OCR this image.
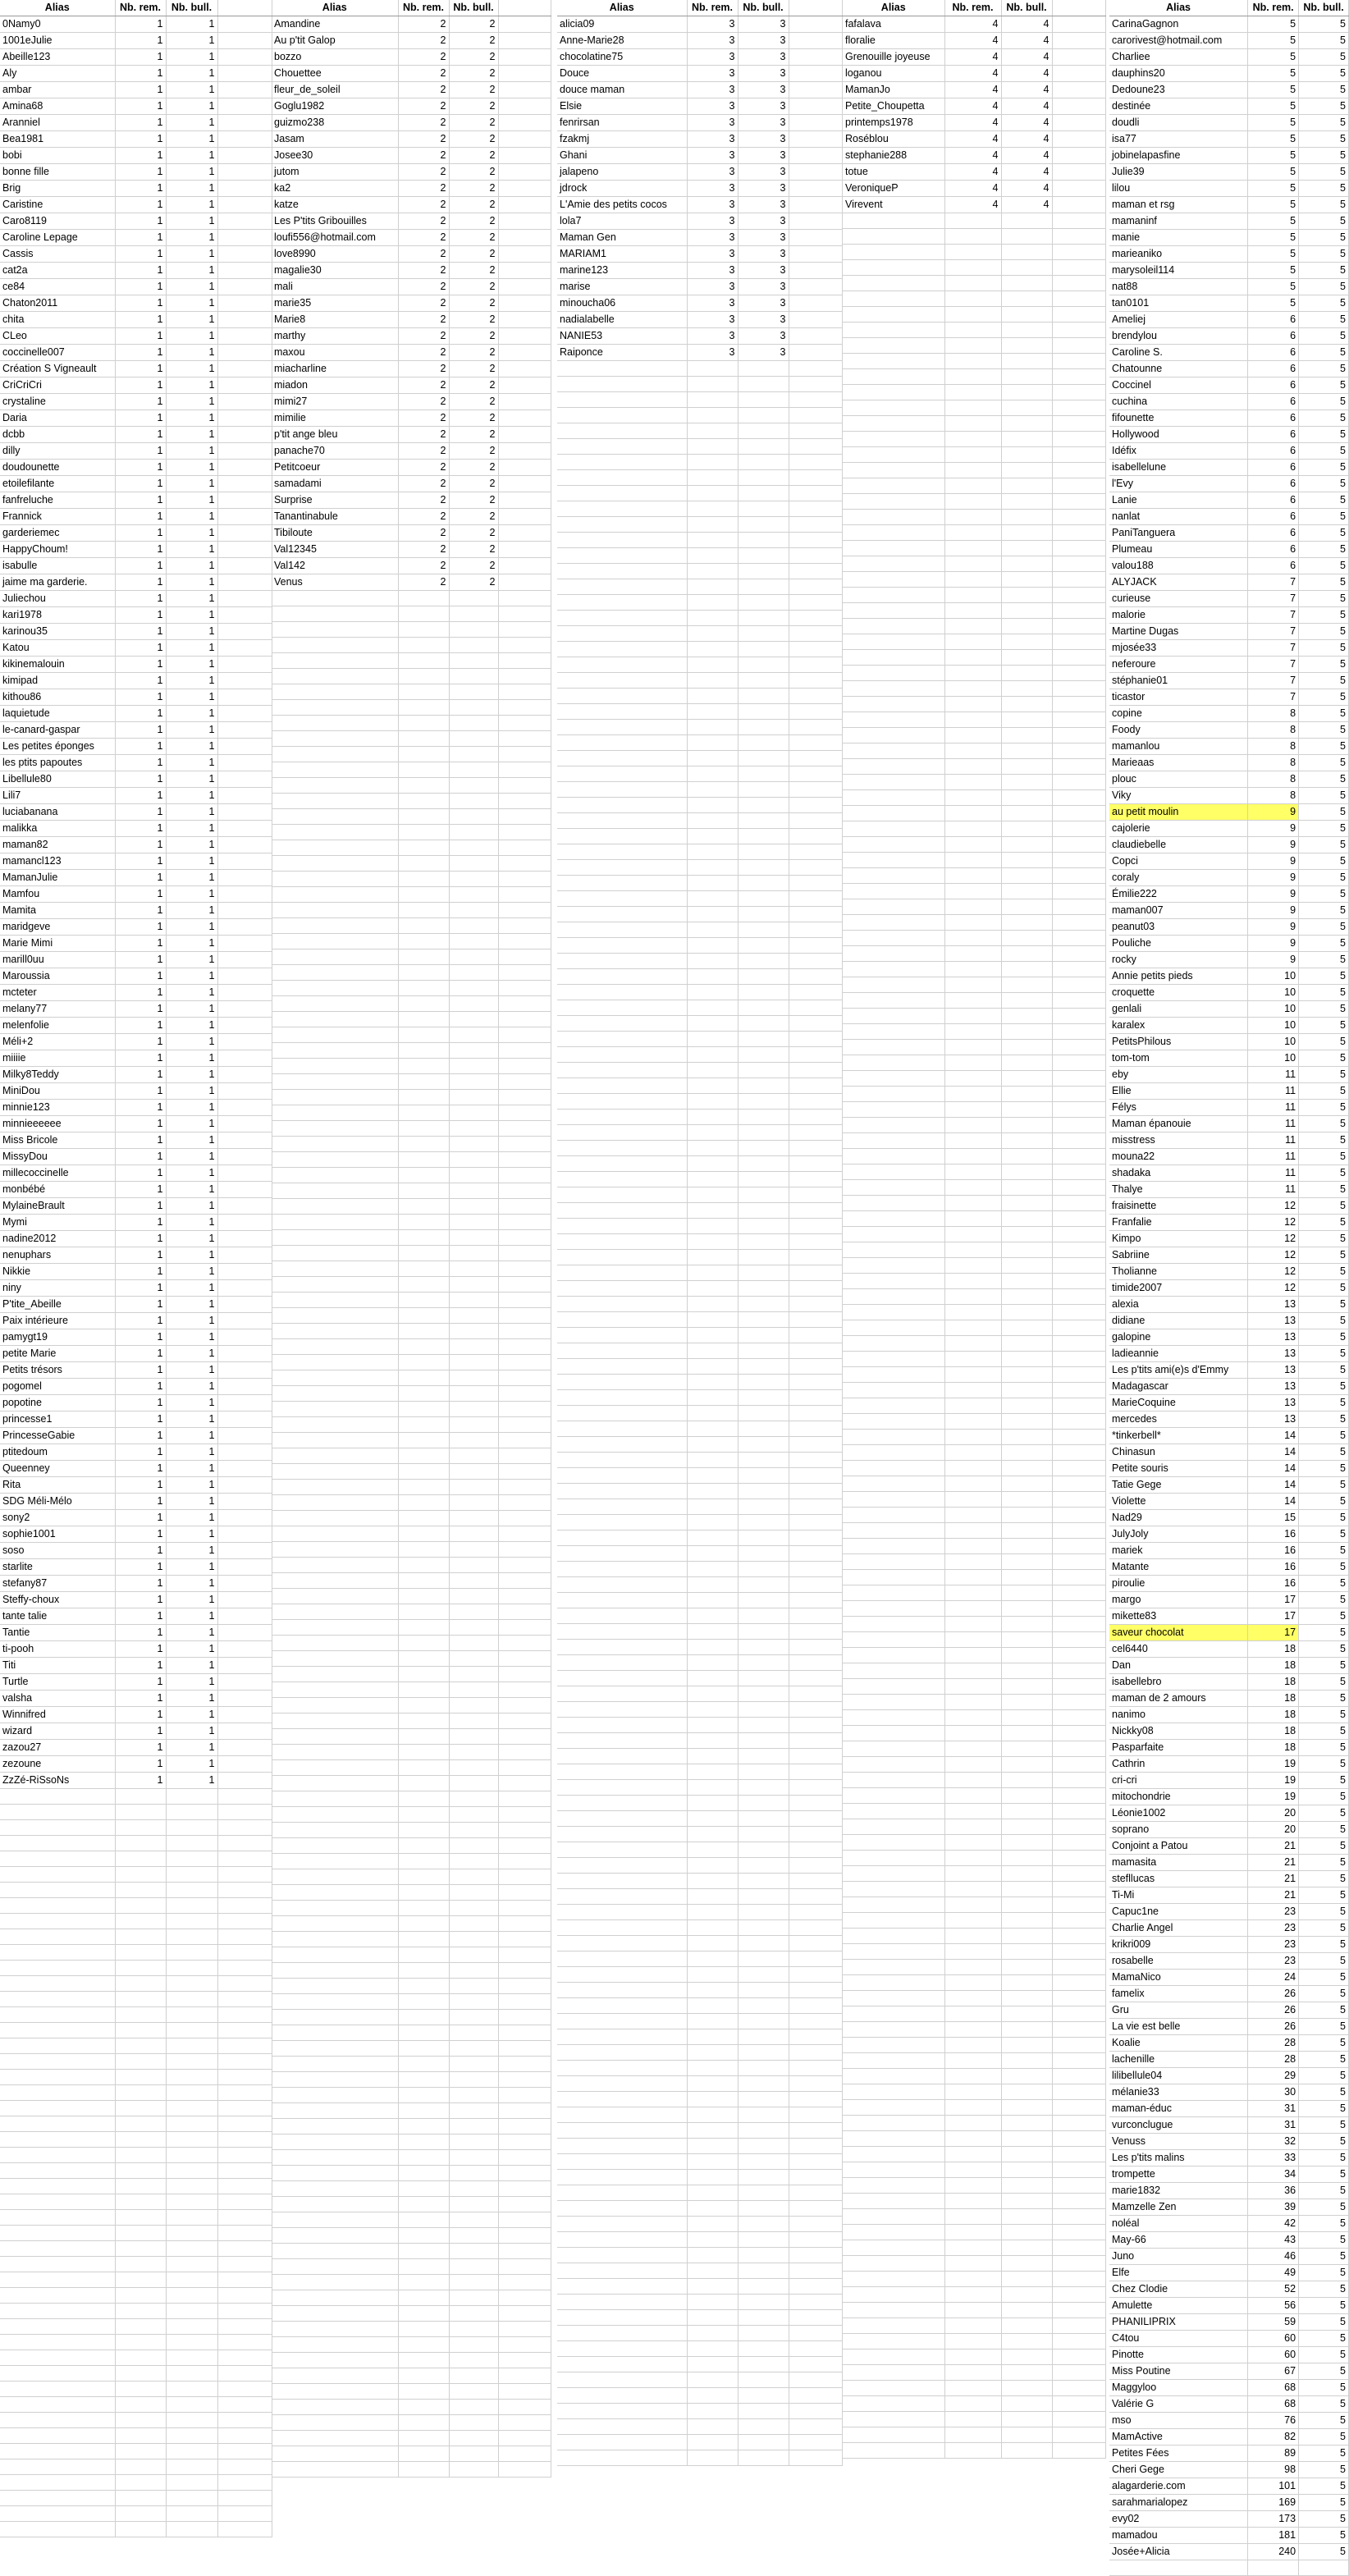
Alias	Nb. rem.	Nb. bull.	
0Namy0	1	1	
1001eJulie	1	1	
Abeille123	1	1	
Aly	1	1	
ambar	1	1	
Amina68	1	1	
Aranniel	1	1	
Bea1981	1	1	
bobi	1	1	
bonne fille	1	1	
Brig	1	1	
Caristine	1	1	
Caro8119	1	1	
Caroline Lepage	1	1	
Cassis	1	1	
cat2a	1	1	
ce84	1	1	
Chaton2011	1	1	
chita	1	1	
CLeo	1	1	
coccinelle007	1	1	
Création S Vigneault	1	1	
CriCriCri	1	1	
crystaline	1	1	
Daria	1	1	
dcbb	1	1	
dilly	1	1	
doudounette	1	1	
etoilefilante	1	1	
fanfreluche	1	1	
Frannick	1	1	
garderiemec	1	1	
HappyChoum!	1	1	
isabulle	1	1	
jaime ma garderie.	1	1	
Juliechou	1	1	
kari1978	1	1	
karinou35	1	1	
Katou	1	1	
kikinemalouin	1	1	
kimipad	1	1	
kithou86	1	1	
laquietude	1	1	
le-canard-gaspar	1	1	
Les petites éponges	1	1	
les ptits papoutes	1	1	
Libellule80	1	1	
Lili7	1	1	
luciabanana	1	1	
malikka	1	1	
maman82	1	1	
mamancl123	1	1	
MamanJulie	1	1	
Mamfou	1	1	
Mamita	1	1	
maridgeve	1	1	
Marie Mimi	1	1	
marill0uu	1	1	
Maroussia	1	1	
mcteter	1	1	
melany77	1	1	
melenfolie	1	1	
Méli+2	1	1	
miiiie	1	1	
Milky8Teddy	1	1	
MiniDou	1	1	
minnie123	1	1	
minnieeeeee	1	1	
Miss Bricole	1	1	
MissyDou	1	1	
millecoccinelle	1	1	
monbébé	1	1	
MylaineBrault	1	1	
Mymi	1	1	
nadine2012	1	1	
nenuphars	1	1	
Nikkie	1	1	
niny	1	1	
P'tite_Abeille	1	1	
Paix intérieure	1	1	
pamygt19	1	1	
petite Marie	1	1	
Petits trésors	1	1	
pogomel	1	1	
popotine	1	1	
princesse1	1	1	
PrincesseGabie	1	1	
ptitedoum	1	1	
Queenney	1	1	
Rita	1	1	
SDG Méli-Mélo	1	1	
sony2	1	1	
sophie1001	1	1	
soso	1	1	
starlite	1	1	
stefany87	1	1	
Steffy-choux	1	1	
tante talie	1	1	
Tantie	1	1	
ti-pooh	1	1	
Titi	1	1	
Turtle	1	1	
valsha	1	1	
Winnifred	1	1	
wizard	1	1	
zazou27	1	1	
zezoune	1	1	
ZzZé-RiSsoNs	1	1	

Alias	Nb. rem.	Nb. bull.	
Amandine	2	2	
Au p'tit Galop	2	2	
bozzo	2	2	
Chouettee	2	2	
fleur_de_soleil	2	2	
Goglu1982	2	2	
guizmo238	2	2	
Jasam	2	2	
Josee30	2	2	
jutom	2	2	
ka2	2	2	
katze	2	2	
Les P'tits Gribouilles	2	2	
loufi556@hotmail.com	2	2	
love8990	2	2	
magalie30	2	2	
mali	2	2	
marie35	2	2	
Marie8	2	2	
marthy	2	2	
maxou	2	2	
miacharline	2	2	
miadon	2	2	
mimi27	2	2	
mimilie	2	2	
p'tit ange bleu	2	2	
panache70	2	2	
Petitcoeur	2	2	
samadami	2	2	
Surprise	2	2	
Tanantinabule	2	2	
Tibiloute	2	2	
Val12345	2	2	
Val142	2	2	
Venus	2	2	

Alias	Nb. rem.	Nb. bull.	
alicia09	3	3	
Anne-Marie28	3	3	
chocolatine75	3	3	
Douce	3	3	
douce maman	3	3	
Elsie	3	3	
fenrirsan	3	3	
fzakmj	3	3	
Ghani	3	3	
jalapeno	3	3	
jdrock	3	3	
L'Amie des petits cocos	3	3	
lola7	3	3	
Maman Gen	3	3	
MARIAM1	3	3	
marine123	3	3	
marise	3	3	
minoucha06	3	3	
nadialabelle	3	3	
NANIE53	3	3	
Raiponce	3	3	

Alias	Nb. rem.	Nb. bull.	
fafalava	4	4	
floralie	4	4	
Grenouille joyeuse	4	4	
loganou	4	4	
MamanJo	4	4	
Petite_Choupetta	4	4	
printemps1978	4	4	
Roséblou	4	4	
stephanie288	4	4	
totue	4	4	
VeroniqueP	4	4	
Virevent	4	4	

Alias	Nb. rem.	Nb. bull.
CarinaGagnon	5	5
carorivest@hotmail.com	5	5
Charliee	5	5
dauphins20	5	5
Dedoune23	5	5
destinée	5	5
doudli	5	5
isa77	5	5
jobinelapasfine	5	5
Julie39	5	5
lilou	5	5
maman et rsg	5	5
mamaninf	5	5
manie	5	5
marieaniko	5	5
marysoleil114	5	5
nat88	5	5
tan0101	5	5
Ameliej	6	5
brendylou	6	5
Caroline S.	6	5
Chatounne	6	5
Coccinel	6	5
cuchina	6	5
fifounette	6	5
Hollywood	6	5
Idéfix	6	5
isabellelune	6	5
l'Evy	6	5
Lanie	6	5
nanlat	6	5
PaniTanguera	6	5
Plumeau	6	5
valou188	6	5
ALYJACK	7	5
curieuse	7	5
malorie	7	5
Martine Dugas	7	5
mjosée33	7	5
neferoure	7	5
stéphanie01	7	5
ticastor	7	5
copine	8	5
Foody	8	5
mamanlou	8	5
Marieaas	8	5
plouc	8	5
Viky	8	5
au petit moulin	9	5
cajolerie	9	5
claudiebelle	9	5
Copci	9	5
coraly	9	5
Émilie222	9	5
maman007	9	5
peanut03	9	5
Pouliche	9	5
rocky	9	5
Annie petits pieds	10	5
croquette	10	5
genlali	10	5
karalex	10	5
PetitsPhilous	10	5
tom-tom	10	5
eby	11	5
Ellie	11	5
Félys	11	5
Maman épanouie	11	5
misstress	11	5
mouna22	11	5
shadaka	11	5
Thalye	11	5
fraisinette	12	5
Franfalie	12	5
Kimpo	12	5
Sabriine	12	5
Tholianne	12	5
timide2007	12	5
alexia	13	5
didiane	13	5
galopine	13	5
ladieannie	13	5
Les p'tits ami(e)s d'Emmy	13	5
Madagascar	13	5
MarieCoquine	13	5
mercedes	13	5
*tinkerbell*	14	5
Chinasun	14	5
Petite souris	14	5
Tatie Gege	14	5
Violette	14	5
Nad29	15	5
JulyJoly	16	5
mariek	16	5
Matante	16	5
piroulie	16	5
margo	17	5
mikette83	17	5
saveur chocolat	17	5
cel6440	18	5
Dan	18	5
isabellebro	18	5
maman de 2 amours	18	5
nanimo	18	5
Nickky08	18	5
Pasparfaite	18	5
Cathrin	19	5
cri-cri	19	5
mitochondrie	19	5
Léonie1002	20	5
soprano	20	5
Conjoint a Patou	21	5
mamasita	21	5
stefllucas	21	5
Ti-Mi	21	5
Capuc1ne	23	5
Charlie Angel	23	5
krikri009	23	5
rosabelle	23	5
MamaNico	24	5
famelix	26	5
Gru	26	5
La vie est belle	26	5
Koalie	28	5
lachenille	28	5
lilibellule04	29	5
mélanie33	30	5
maman-éduc	31	5
vurconclugue	31	5
Venuss	32	5
Les p'tits malins	33	5
trompette	34	5
marie1832	36	5
Mamzelle Zen	39	5
noléal	42	5
May-66	43	5
Juno	46	5
Elfe	49	5
Chez Clodie	52	5
Amulette	56	5
PHANILIPRIX	59	5
C4tou	60	5
Pinotte	60	5
Miss Poutine	67	5
Maggyloo	68	5
Valérie G	68	5
mso	76	5
MamActive	82	5
Petites Fées	89	5
Cheri Gege	98	5
alagarderie.com	101	5
sarahmarialopez	169	5
evy02	173	5
mamadou	181	5
Josée+Alicia	240	5
